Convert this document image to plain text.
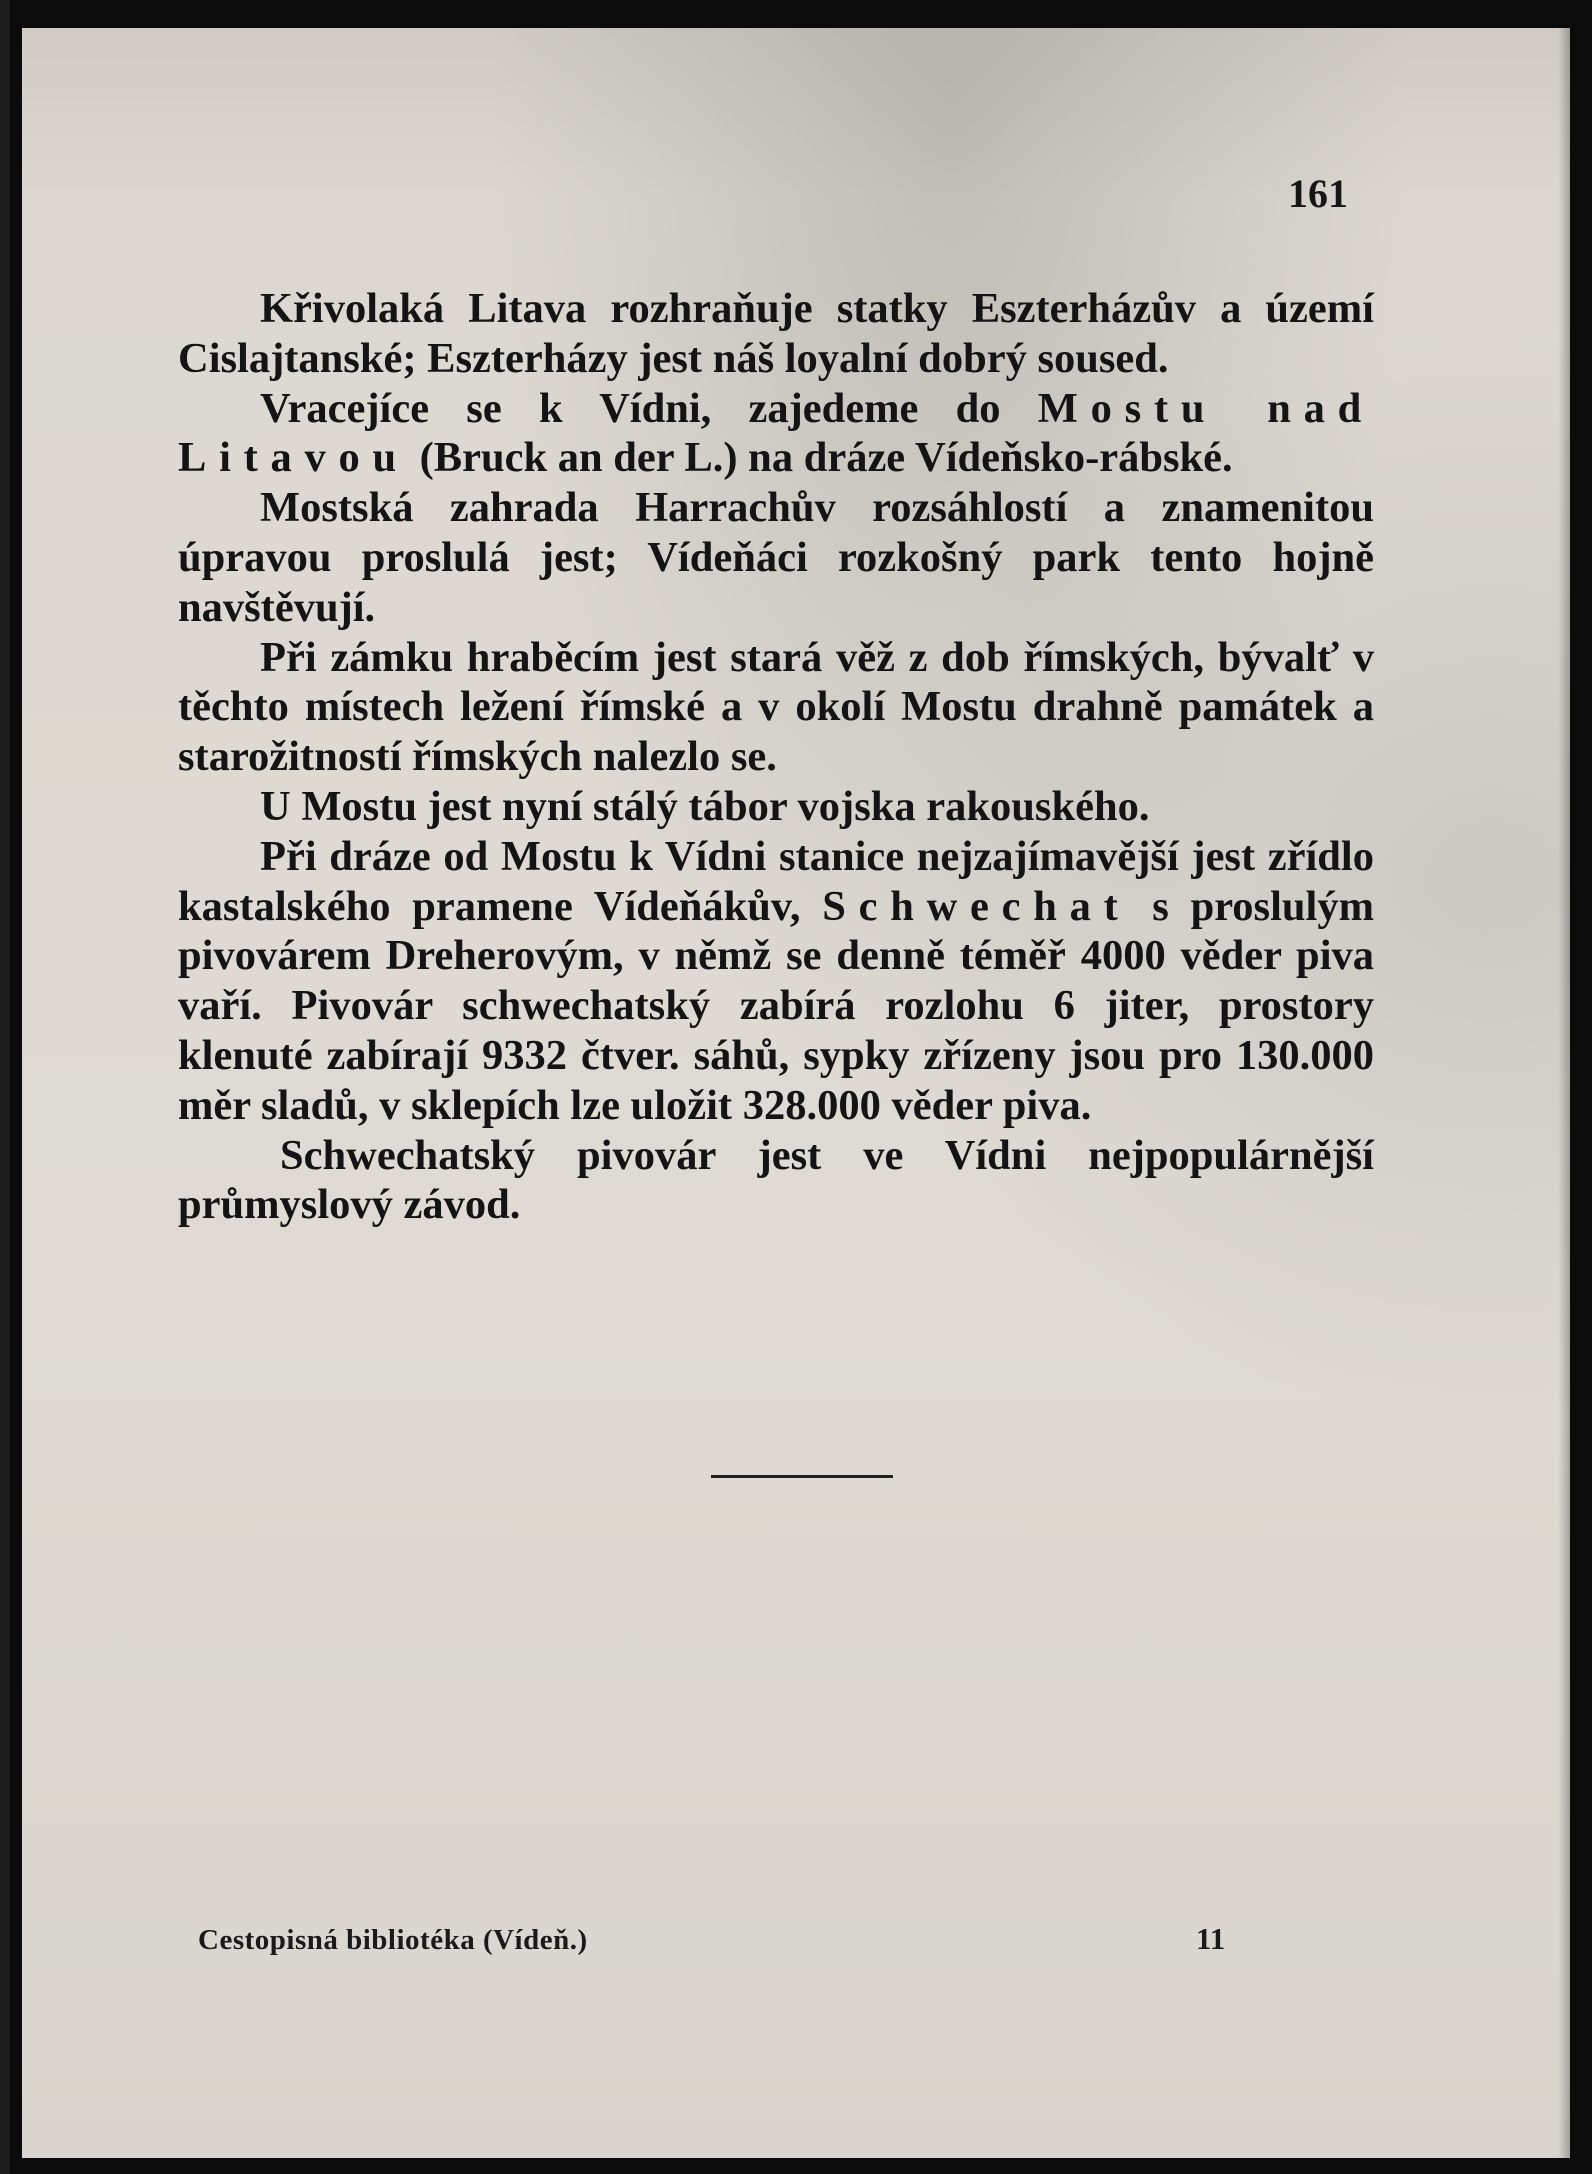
161

Křivolaká Litava rozhraňuje statky Eszterházův a území Cislajtanské; Eszterházy jest náš loyalní dobrý soused.

Vracejíce se k Vídni, zajedeme do Mostu nad Litavou (Bruck an der L.) na dráze Vídeňsko-rábské.

Mostská zahrada Harrachův rozsáhlostí a znamenitou úpravou proslulá jest; Vídeňáci rozkošný park tento hojně navštěvují.

Při zámku hraběcím jest stará věž z dob římských, bývalť v těchto místech ležení římské a v okolí Mostu drahně památek a starožitností římských nalezlo se.

U Mostu jest nyní stálý tábor vojska rakouského.

Při dráze od Mostu k Vídni stanice nejzajímavější jest zřídlo kastalského pramene Vídeňákův, Schwechat s proslulým pivovárem Dreherovým, v němž se denně téměř 4000 věder piva vaří. Pivovár schwechatský zabírá rozlohu 6 jiter, prostory klenuté zabírají 9332 čtver. sáhů, sypky zřízeny jsou pro 130.000 měr sladů, v sklepích lze uložit 328.000 věder piva.

Schwechatský pivovár jest ve Vídni nejpopulárnější průmyslový závod.

Cestopisná bibliotéka (Vídeň.)	11
